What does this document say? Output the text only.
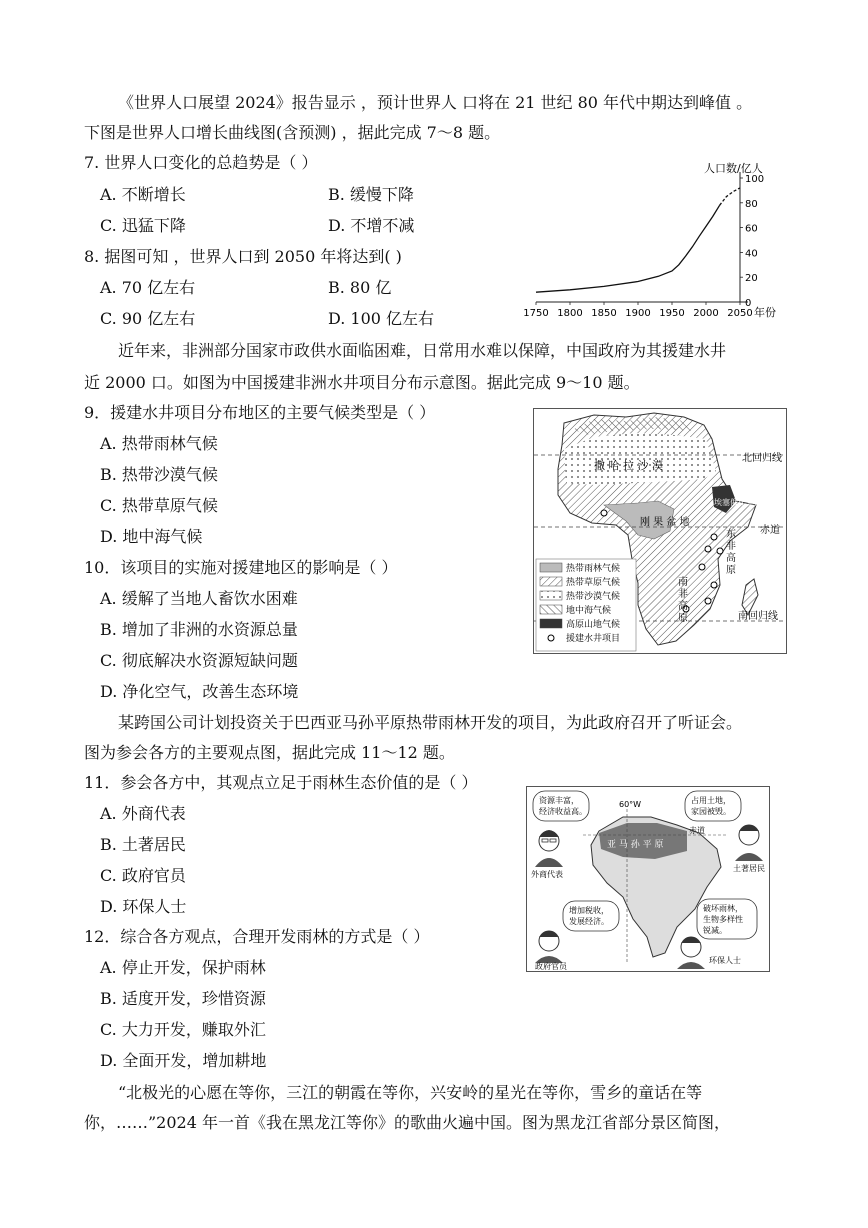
《世界人口展望 2024》报告显示 ，预计世界人 口将在 21 世纪 80 年代中期达到峰值 。
下图是世界人口增长曲线图(含预测) ，据此完成 7～8 题。
7. 世界人口变化的总趋势是（ ）
A. 不断增长	B. 缓慢下降
C. 迅猛下降	D. 不增不减
8. 据图可知 ，世界人口到 2050 年将达到( )
A. 70 亿左右	B. 80 亿
C. 90 亿左右	D. 100 亿左右
人口数/亿人
年份
1750 1800 1850 1900 1950 2000 2050
0
20
40
60
80
100
近年来，非洲部分国家市政供水面临困难，日常用水难以保障，中国政府为其援建水井
近 2000 口。如图为中国援建非洲水井项目分布示意图。据此完成 9～10 题。
9．援建水井项目分布地区的主要气候类型是（ ）
A. 热带雨林气候
B. 热带沙漠气候
C. 热带草原气候
D. 地中海气候
10．该项目的实施对援建地区的影响是（ ）
A. 缓解了当地人畜饮水困难
B. 增加了非洲的水资源总量
C. 彻底解决水资源短缺问题
D. 净化空气，改善生态环境
撒 哈 拉 沙 漠
北回归线
埃塞俄比亚高原
刚 果 盆 地
赤道
东
非
高
原
南
非
高
原	南回归线
热带雨林气候
热带草原气候
热带沙漠气候
地中海气候
高原山地气候
援建水井项目
某跨国公司计划投资关于巴西亚马孙平原热带雨林开发的项目，为此政府召开了听证会。
图为参会各方的主要观点图，据此完成 11～12 题。
11．参会各方中，其观点立足于雨林生态价值的是（ ）
A. 外商代表
B. 土著居民
C. 政府官员
D. 环保人士
12．综合各方观点，合理开发雨林的方式是（ ）
A. 停止开发，保护雨林
B. 适度开发，珍惜资源
C. 大力开发，赚取外汇
D. 全面开发，增加耕地
60°W
赤道
亚 马 孙 平 原
资源丰富，
经济收益高。
占用土地，
家园被毁。
增加税收，
发展经济。
破坏雨林，
生物多样性
锐减。
外商代表
土著居民
政府官员
环保人士
“北极光的心愿在等你，三江的朝霞在等你，兴安岭的星光在等你，雪乡的童话在等
你，……”2024 年一首《我在黑龙江等你》的歌曲火遍中国。图为黑龙江省部分景区简图，
